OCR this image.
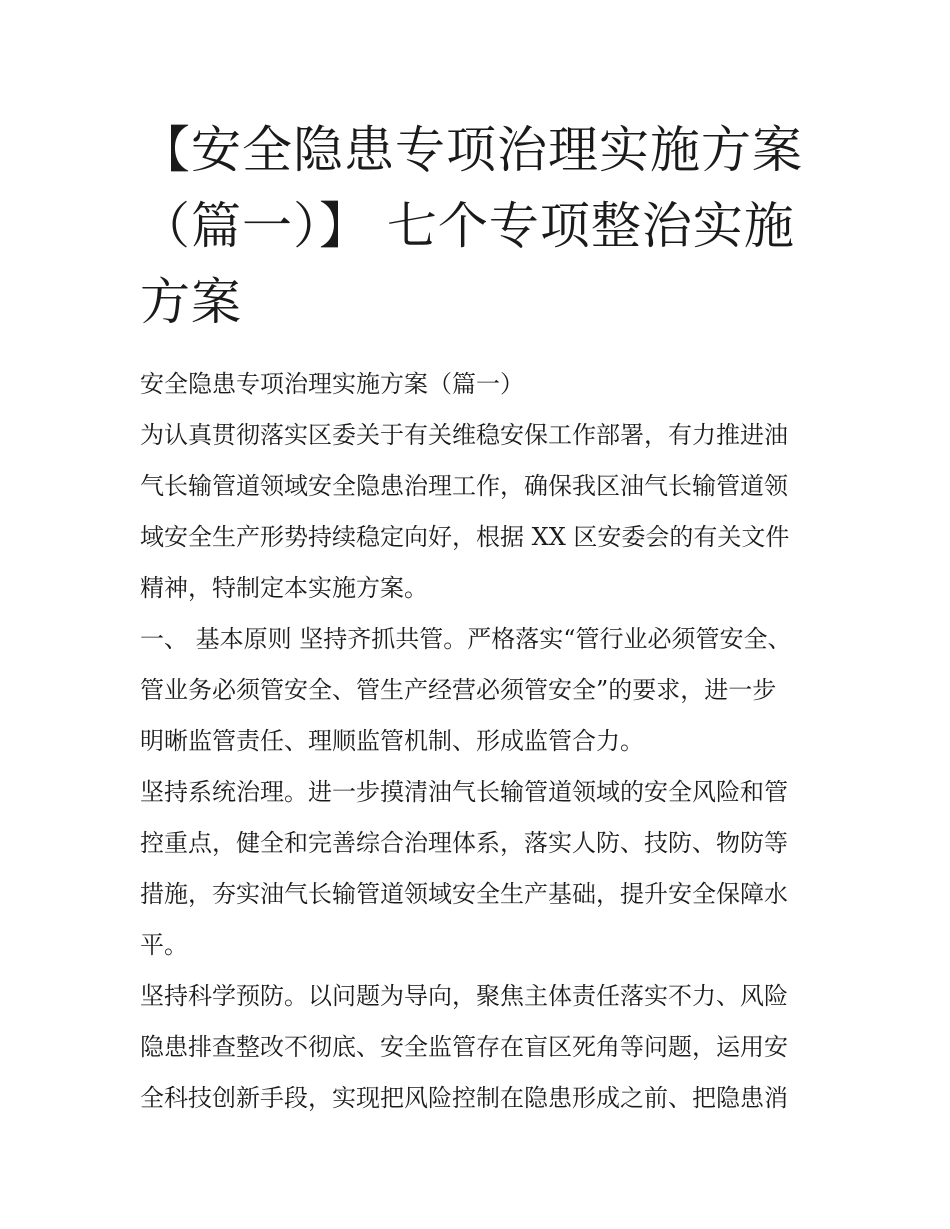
【安全隐患专项治理实施方案
（篇一）】 七个专项整治实施
方案
安全隐患专项治理实施方案（篇一）
为认真贯彻落实区委关于有关维稳安保工作部署，有力推进油
气长输管道领域安全隐患治理工作，确保我区油气长输管道领
域安全生产形势持续稳定向好，根据 XX 区安委会的有关文件
精神，特制定本实施方案。
一、 基本原则 坚持齐抓共管。严格落实“管行业必须管安全、
管业务必须管安全、管生产经营必须管安全”的要求，进一步
明晰监管责任、理顺监管机制、形成监管合力。
坚持系统治理。进一步摸清油气长输管道领域的安全风险和管
控重点，健全和完善综合治理体系，落实人防、技防、物防等
措施，夯实油气长输管道领域安全生产基础，提升安全保障水
平。
坚持科学预防。以问题为导向，聚焦主体责任落实不力、风险
隐患排查整改不彻底、安全监管存在盲区死角等问题，运用安
全科技创新手段，实现把风险控制在隐患形成之前、把隐患消
